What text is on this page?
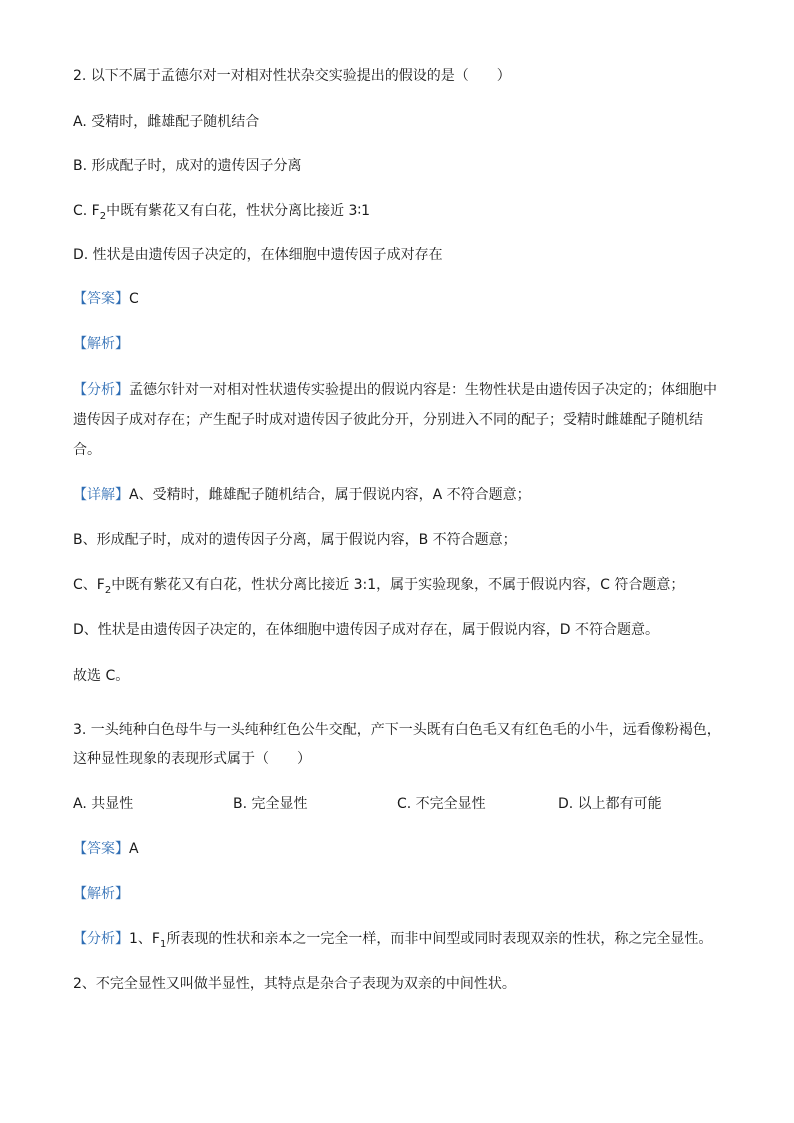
2. 以下不属于孟德尔对一对相对性状杂交实验提出的假设的是（　　）
A. 受精时，雌雄配子随机结合
B. 形成配子时，成对的遗传因子分离
C. $F_2$中既有紫花又有白花，性状分离比接近 3∶1
D. 性状是由遗传因子决定的，在体细胞中遗传因子成对存在
【答案】C
【解析】
【分析】孟德尔针对一对相对性状遗传实验提出的假说内容是：生物性状是由遗传因子决定的；体细胞中遗传因子成对存在；产生配子时成对遗传因子彼此分开，分别进入不同的配子；受精时雌雄配子随机结合。
【详解】A、受精时，雌雄配子随机结合，属于假说内容，A 不符合题意；
B、形成配子时，成对的遗传因子分离，属于假说内容，B 不符合题意；
C、$F_2$中既有紫花又有白花，性状分离比接近 3:1，属于实验现象，不属于假说内容，C 符合题意；
D、性状是由遗传因子决定的，在体细胞中遗传因子成对存在，属于假说内容，D 不符合题意。
故选 C。
3. 一头纯种白色母牛与一头纯种红色公牛交配，产下一头既有白色毛又有红色毛的小牛，远看像粉褐色，
这种显性现象的表现形式属于（　　）
A. 共显性	B. 完全显性	C. 不完全显性	D. 以上都有可能
【答案】A
【解析】
【分析】1、$F_1$所表现的性状和亲本之一完全一样，而非中间型或同时表现双亲的性状，称之完全显性。
2、不完全显性又叫做半显性，其特点是杂合子表现为双亲的中间性状。
